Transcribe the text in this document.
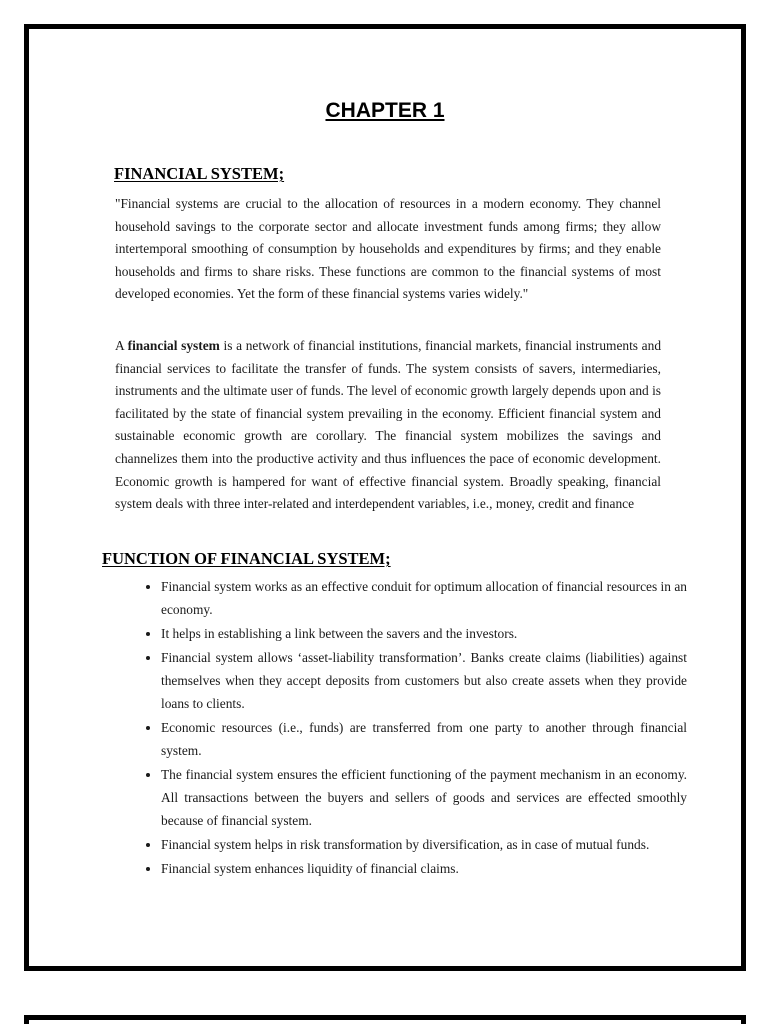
CHAPTER 1
FINANCIAL SYSTEM;

"Financial systems are crucial to the allocation of resources in a modern economy. They channel household savings to the corporate sector and allocate investment funds among firms; they allow intertemporal smoothing of consumption by households and expenditures by firms; and they enable households and firms to share risks. These functions are common to the financial systems of most developed economies. Yet the form of these financial systems varies widely."

A financial system is a network of financial institutions, financial markets, financial instruments and financial services to facilitate the transfer of funds. The system consists of savers, intermediaries, instruments and the ultimate user of funds. The level of economic growth largely depends upon and is facilitated by the state of financial system prevailing in the economy. Efficient financial system and sustainable economic growth are corollary. The financial system mobilizes the savings and channelizes them into the productive activity and thus influences the pace of economic development. Economic growth is hampered for want of effective financial system. Broadly speaking, financial system deals with three inter-related and interdependent variables, i.e., money, credit and finance

FUNCTION OF FINANCIAL SYSTEM;
• Financial system works as an effective conduit for optimum allocation of financial resources in an economy.
• It helps in establishing a link between the savers and the investors.
• Financial system allows ‘asset-liability transformation’. Banks create claims (liabilities) against themselves when they accept deposits from customers but also create assets when they provide loans to clients.
• Economic resources (i.e., funds) are transferred from one party to another through financial system.
• The financial system ensures the efficient functioning of the payment mechanism in an economy. All transactions between the buyers and sellers of goods and services are effected smoothly because of financial system.
• Financial system helps in risk transformation by diversification, as in case of mutual funds.
• Financial system enhances liquidity of financial claims.
